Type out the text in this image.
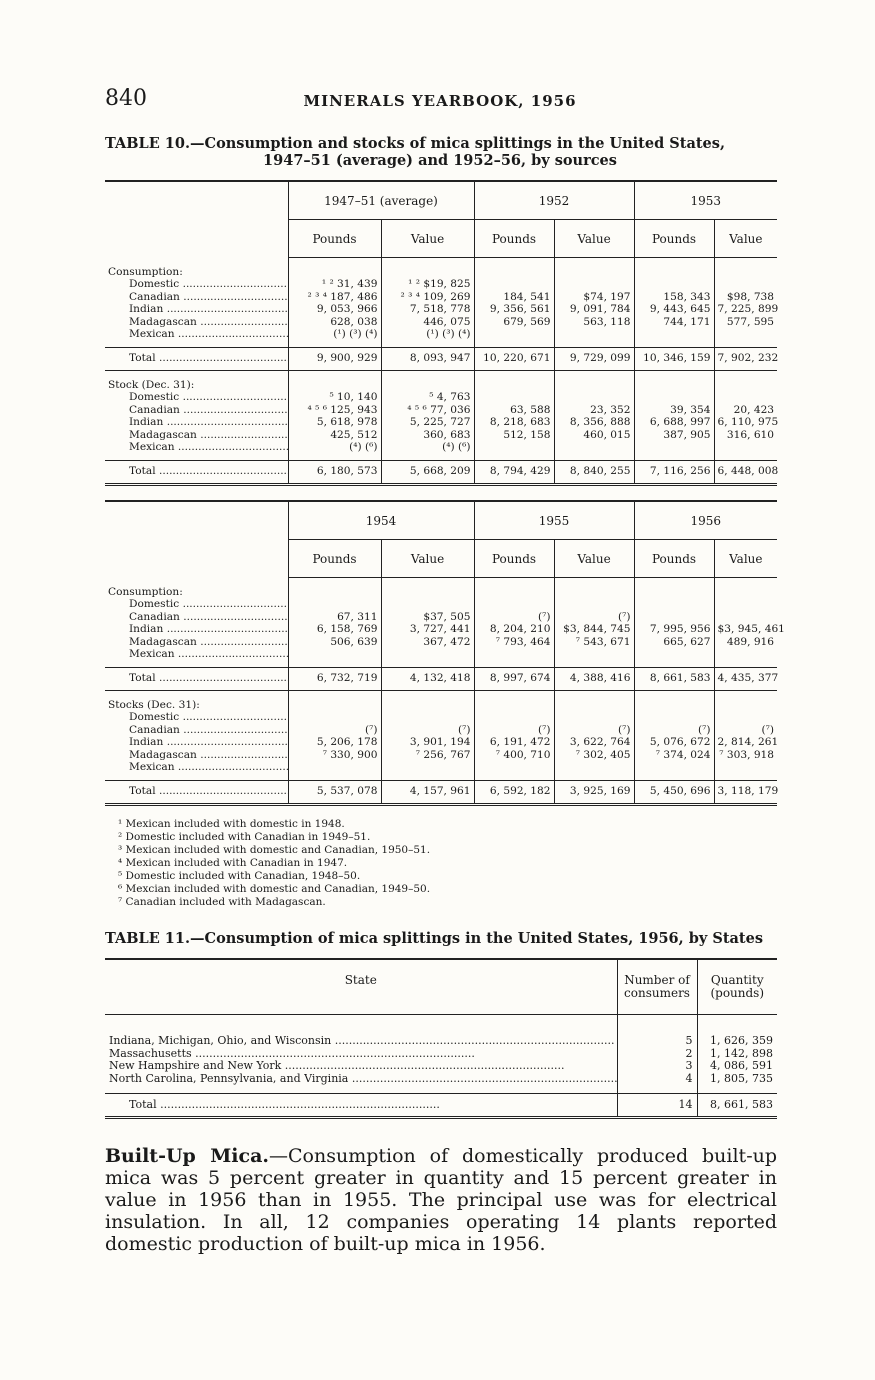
840	MINERALS YEARBOOK, 1956
TABLE 10.—Consumption and stocks of mica splittings in the United States,
1947–51 (average) and 1952–56, by sources
	1947–51 (average)		1952		1953	
	Pounds	Value	Pounds	Value	Pounds	Value

Consumption:						
Domestic .....	¹ ² 31, 439	¹ ² $19, 825				
Canadian .....	² ³ ⁴ 187, 486	² ³ ⁴ 109, 269	184, 541	$74, 197	158, 343	$98, 738
Indian .....	9, 053, 966	7, 518, 778	9, 356, 561	9, 091, 784	9, 443, 645	7, 225, 899
Madagascan .....	628, 038	446, 075	679, 569	563, 118	744, 171	577, 595
Mexican .....	(¹) (³) (⁴)	(¹) (³) (⁴)				

Total .....	9, 900, 929	8, 093, 947	10, 220, 671	9, 729, 099	10, 346, 159	7, 902, 232

Stock (Dec. 31):						
Domestic .....	⁵ 10, 140	⁵ 4, 763				
Canadian .....	⁴ ⁵ ⁶ 125, 943	⁴ ⁵ ⁶ 77, 036	63, 588	23, 352	39, 354	20, 423
Indian .....	5, 618, 978	5, 225, 727	8, 218, 683	8, 356, 888	6, 688, 997	6, 110, 975
Madagascan .....	425, 512	360, 683	512, 158	460, 015	387, 905	316, 610
Mexican .....	(⁴) (⁶)	(⁴) (⁶)				

Total .....	6, 180, 573	5, 668, 209	8, 794, 429	8, 840, 255	7, 116, 256	6, 448, 008
	1954		1955		1956	
	Pounds	Value	Pounds	Value	Pounds	Value

Consumption:						
Domestic .....						
Canadian .....	67, 311	$37, 505	(⁷)	(⁷)		
Indian .....	6, 158, 769	3, 727, 441	8, 204, 210	$3, 844, 745	7, 995, 956	$3, 945, 461
Madagascan .....	506, 639	367, 472	⁷ 793, 464	⁷ 543, 671	665, 627	489, 916
Mexican .....						

Total .....	6, 732, 719	4, 132, 418	8, 997, 674	4, 388, 416	8, 661, 583	4, 435, 377

Stocks (Dec. 31):						
Domestic .....						
Canadian .....	(⁷)	(⁷)	(⁷)	(⁷)	(⁷)	(⁷)
Indian .....	5, 206, 178	3, 901, 194	6, 191, 472	3, 622, 764	5, 076, 672	2, 814, 261
Madagascan .....	⁷ 330, 900	⁷ 256, 767	⁷ 400, 710	⁷ 302, 405	⁷ 374, 024	⁷ 303, 918
Mexican .....						

Total .....	5, 537, 078	4, 157, 961	6, 592, 182	3, 925, 169	5, 450, 696	3, 118, 179
¹ Mexican included with domestic in 1948.
² Domestic included with Canadian in 1949–51.
³ Mexican included with domestic and Canadian, 1950–51.
⁴ Mexican included with Canadian in 1947.
⁵ Domestic included with Canadian, 1948–50.
⁶ Mexcian included with domestic and Canadian, 1949–50.
⁷ Canadian included with Madagascan.
TABLE 11.—Consumption of mica splittings in the United States, 1956, by States
State	Number of
consumers	Quantity
(pounds)

Indiana, Michigan, Ohio, and Wisconsin .....	5	1, 626, 359
Massachusetts .....	2	1, 142, 898
New Hampshire and New York .....	3	4, 086, 591
North Carolina, Pennsylvania, and Virginia .....	4	1, 805, 735

Total .....	14	8, 661, 583
Built-Up Mica.—Consumption of domestically produced built-up mica was 5 percent greater in quantity and 15 percent greater in value in 1956 than in 1955. The principal use was for electrical insulation. In all, 12 companies operating 14 plants reported domestic production of built-up mica in 1956.
